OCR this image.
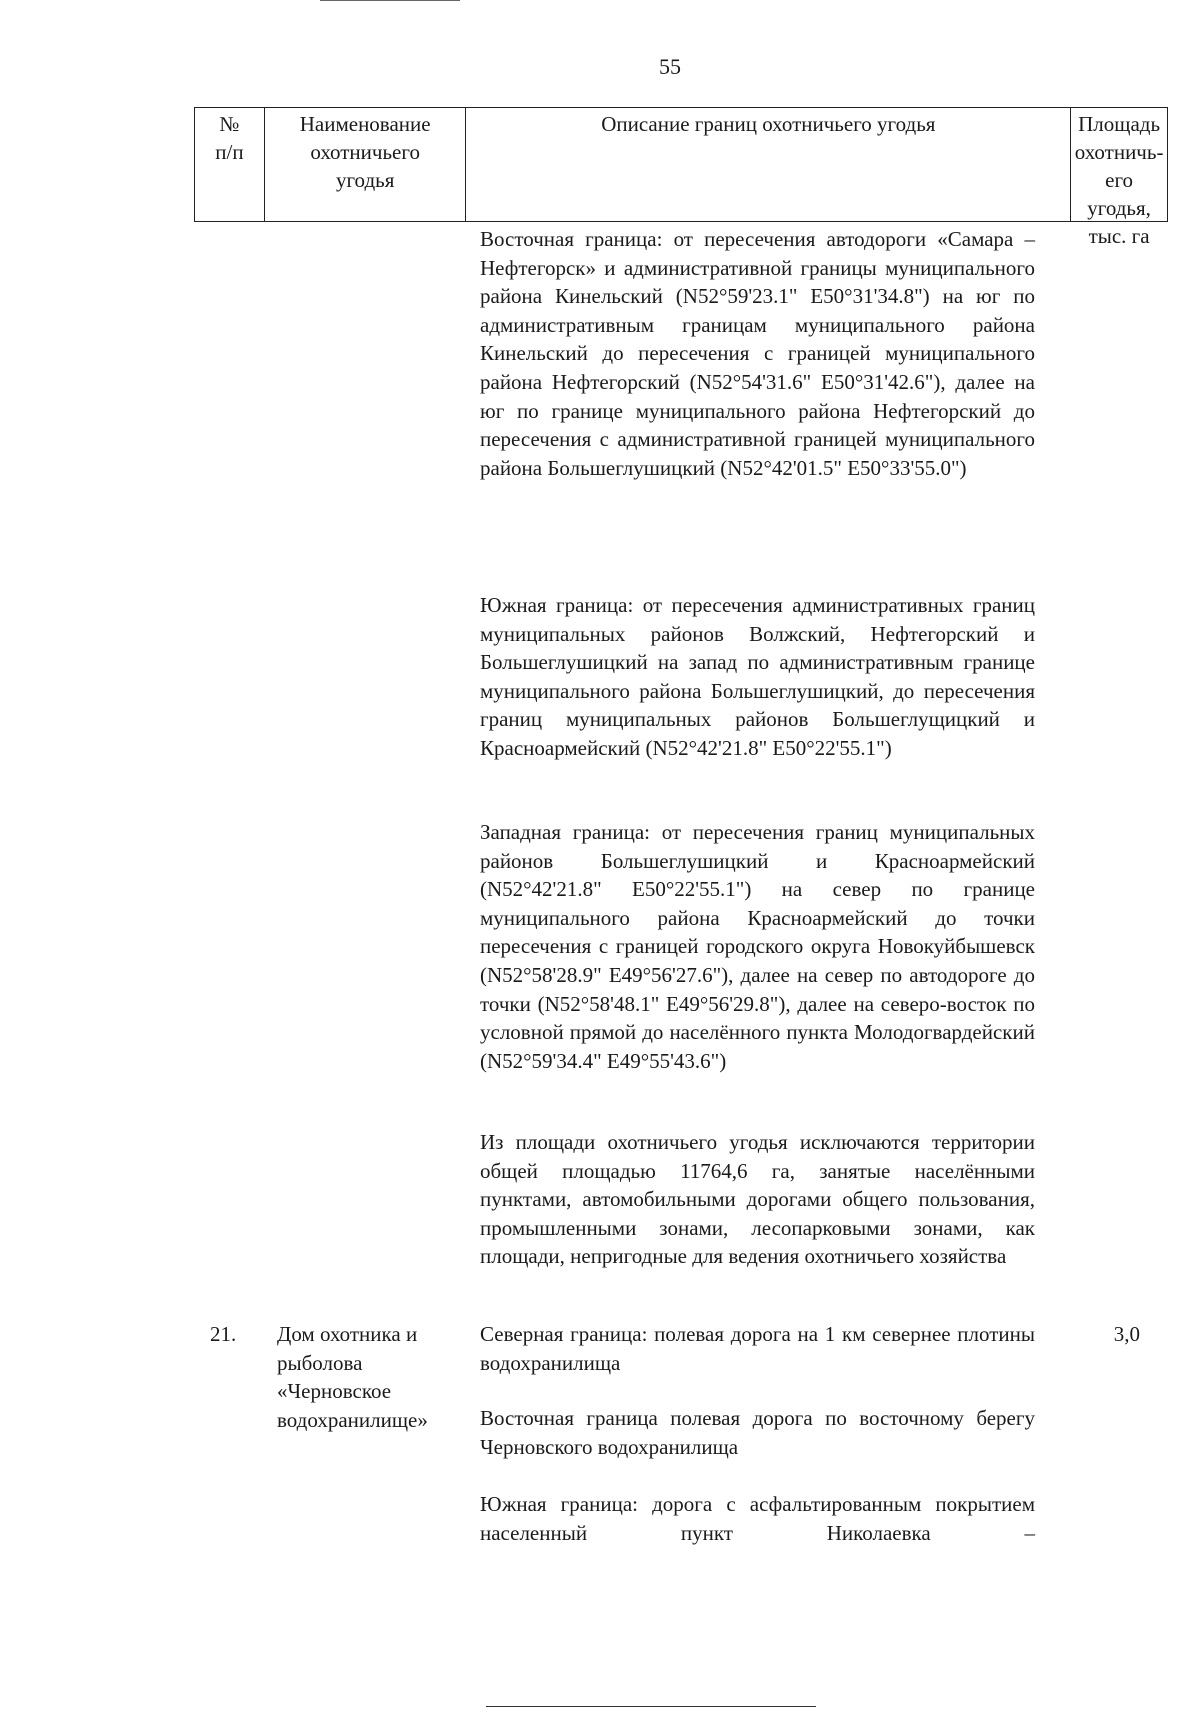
55
№
п/п
Наименование
охотничьего
угодья
Описание границ охотничьего угодья	Площадь
охотничь-
его угодья,
тыс. га

Восточная граница: от пересечения автодороги «Самара – Нефтегорск» и административной границы муниципального района Кинельский (N52°59'23.1" E50°31'34.8") на юг по административным границам муниципального района Кинельский до пересечения с границей муниципального района Нефтегорский (N52°54'31.6" E50°31'42.6"), далее на юг по границе муниципального района Нефтегорский до пересечения с административной границей муниципального района Большеглушицкий (N52°42'01.5" E50°33'55.0")

Южная граница: от пересечения административных границ муниципальных районов Волжский, Нефтегорский и Большеглушицкий на запад по административным границе муниципального района Большеглушицкий, до пересечения границ муниципальных районов Большеглущицкий и Красноармейский (N52°42'21.8" E50°22'55.1")

Западная граница: от пересечения границ муниципальных районов Большеглушицкий и Красноармейский (N52°42'21.8" E50°22'55.1") на север по границе муниципального района Красноармейский до точки пересечения с границей городского округа Новокуйбышевск (N52°58'28.9" E49°56'27.6"), далее на север по автодороге до точки (N52°58'48.1" E49°56'29.8"), далее на северо-восток по условной прямой до населённого пункта Молодогвардейский (N52°59'34.4" E49°55'43.6")

Из площади охотничьего угодья исключаются территории общей площадью 11764,6 га, занятые населёнными пунктами, автомобильными дорогами общего пользования, промышленными зонами, лесопарковыми зонами, как площади, непригодные для ведения охотничьего хозяйства

21. Дом охотника и
рыболова
«Черновское
водохранилище»
3,0

Северная граница: полевая дорога на 1 км севернее плотины водохранилища

Восточная граница полевая дорога по восточному берегу Черновского водохранилища

Южная граница: дорога с асфальтированным покрытием населенный пункт Николаевка –
